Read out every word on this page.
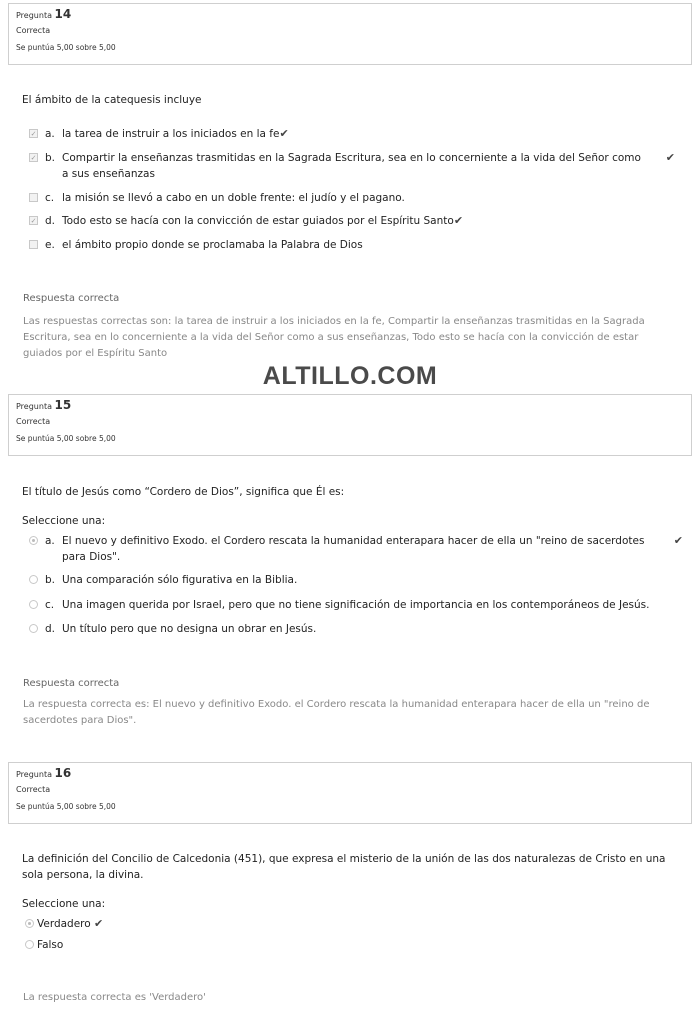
Pregunta 14
Correcta
Se puntúa 5,00 sobre 5,00
El ámbito de la catequesis incluye
✓ a. la tarea de instruir a los iniciados en la fe✔
✓ b. Compartir la enseñanzas trasmitidas en la Sagrada Escritura, sea en lo concerniente a la vida del Señor como a sus enseñanzas
✔
c. la misión se llevó a cabo en un doble frente: el judío y el pagano.
✓ d. Todo esto se hacía con la convicción de estar guiados por el Espíritu Santo✔
e. el ámbito propio donde se proclamaba la Palabra de Dios
Respuesta correcta
Las respuestas correctas son: la tarea de instruir a los iniciados en la fe, Compartir la enseñanzas trasmitidas en la Sagrada Escritura, sea en lo concerniente a la vida del Señor como a sus enseñanzas, Todo esto se hacía con la convicción de estar guiados por el Espíritu Santo
ALTILLO.COM
Pregunta 15
Correcta
Se puntúa 5,00 sobre 5,00
El título de Jesús como “Cordero de Dios”, significa que Él es:
Seleccione una:
a. El nuevo y definitivo Exodo. el Cordero rescata la humanidad enterapara hacer de ella un "reino de sacerdotes para Dios".
✔
b. Una comparación sólo figurativa en la Biblia.
c. Una imagen querida por Israel, pero que no tiene significación de importancia en los contemporáneos de Jesús.
d. Un título pero que no designa un obrar en Jesús.
Respuesta correcta
La respuesta correcta es: El nuevo y definitivo Exodo. el Cordero rescata la humanidad enterapara hacer de ella un "reino de sacerdotes para Dios".
Pregunta 16
Correcta
Se puntúa 5,00 sobre 5,00
La definición del Concilio de Calcedonia (451), que expresa el misterio de la unión de las dos naturalezas de Cristo en una sola persona, la divina.
Seleccione una:
Verdadero ✔
Falso
La respuesta correcta es 'Verdadero'
